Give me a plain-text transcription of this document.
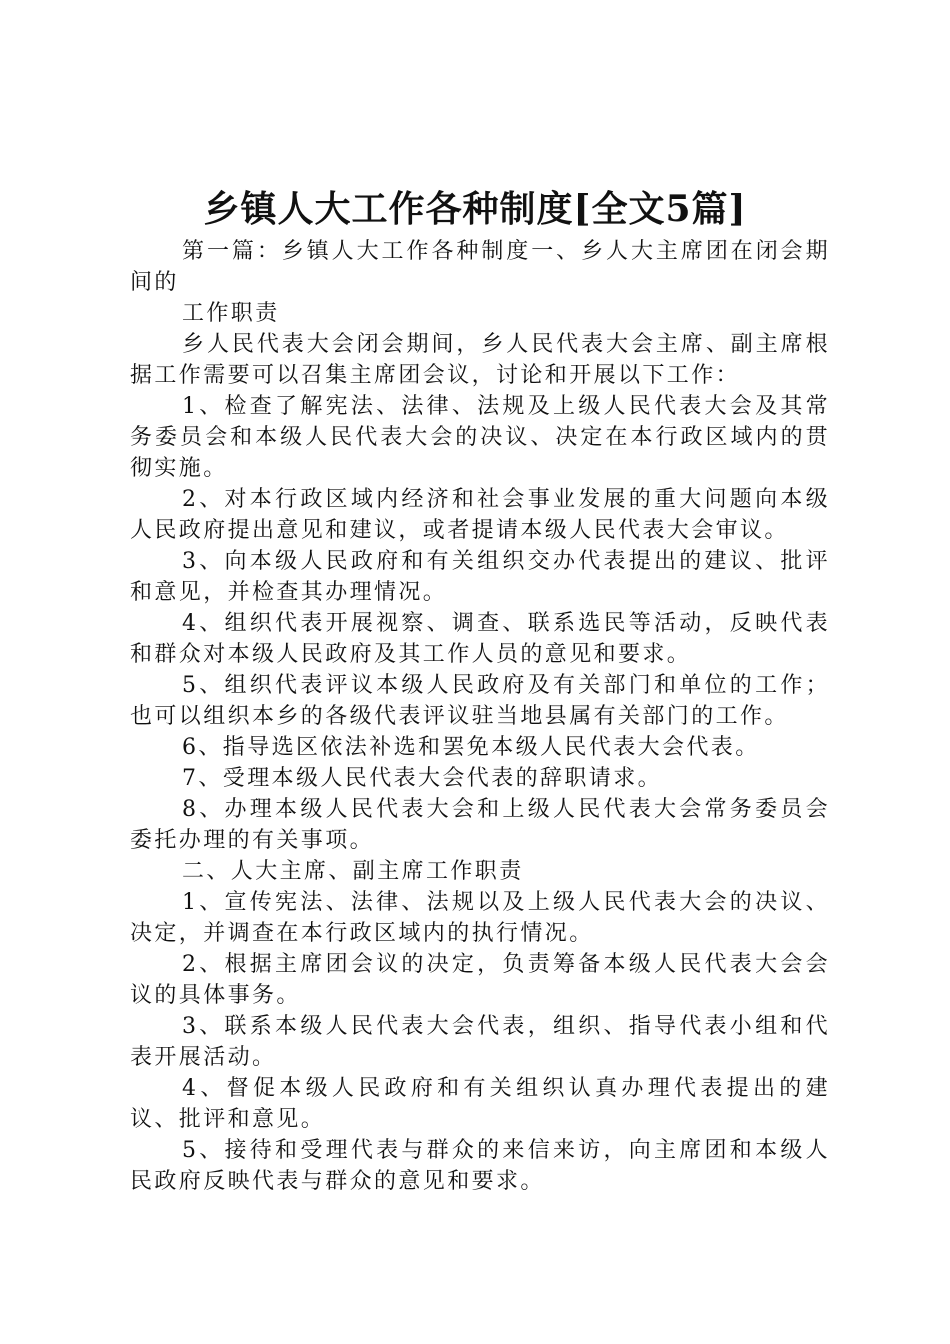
乡镇人大工作各种制度[全文5篇]

第一篇：乡镇人大工作各种制度一、乡人大主席团在闭会期间的

工作职责

乡人民代表大会闭会期间，乡人民代表大会主席、副主席根据工作需要可以召集主席团会议，讨论和开展以下工作：

1、检查了解宪法、法律、法规及上级人民代表大会及其常务委员会和本级人民代表大会的决议、决定在本行政区域内的贯彻实施。

2、对本行政区域内经济和社会事业发展的重大问题向本级人民政府提出意见和建议，或者提请本级人民代表大会审议。

3、向本级人民政府和有关组织交办代表提出的建议、批评和意见，并检查其办理情况。

4、组织代表开展视察、调查、联系选民等活动，反映代表和群众对本级人民政府及其工作人员的意见和要求。

5、组织代表评议本级人民政府及有关部门和单位的工作；也可以组织本乡的各级代表评议驻当地县属有关部门的工作。

6、指导选区依法补选和罢免本级人民代表大会代表。

7、受理本级人民代表大会代表的辞职请求。

8、办理本级人民代表大会和上级人民代表大会常务委员会委托办理的有关事项。

二、人大主席、副主席工作职责

1、宣传宪法、法律、法规以及上级人民代表大会的决议、决定，并调查在本行政区域内的执行情况。

2、根据主席团会议的决定，负责筹备本级人民代表大会会议的具体事务。

3、联系本级人民代表大会代表，组织、指导代表小组和代表开展活动。

4、督促本级人民政府和有关组织认真办理代表提出的建议、批评和意见。

5、接待和受理代表与群众的来信来访，向主席团和本级人民政府反映代表与群众的意见和要求。
